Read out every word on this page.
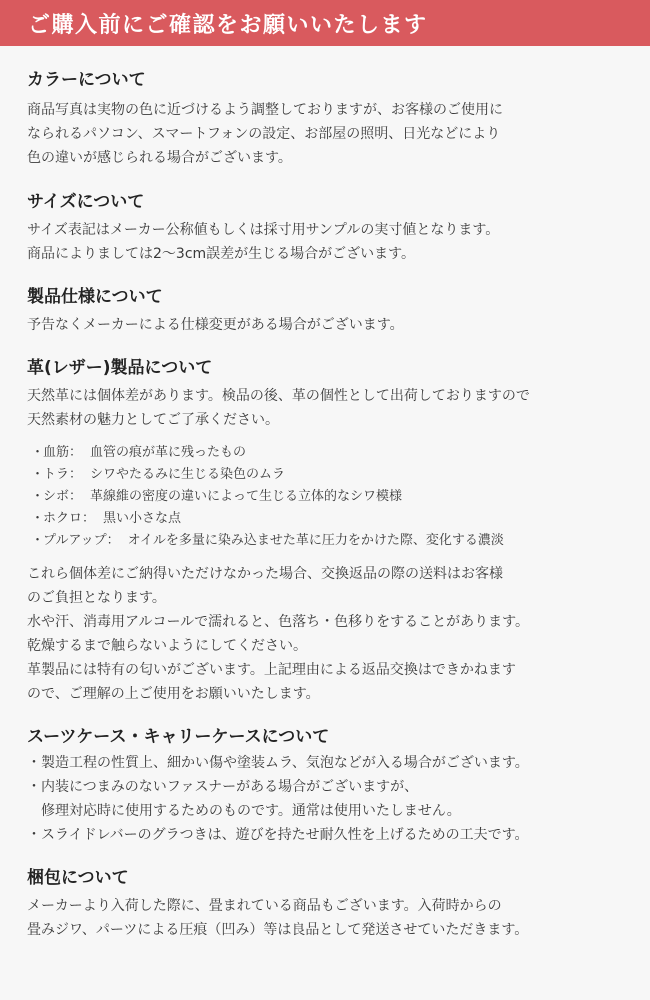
ご購入前にご確認をお願いいたします
カラーについて

商品写真は実物の色に近づけるよう調整しておりますが、お客様のご使用に
なられるパソコン、スマートフォンの設定、お部屋の照明、日光などにより
色の違いが感じられる場合がございます。

サイズについて

サイズ表記はメーカー公称値もしくは採寸用サンプルの実寸値となります。
商品によりましては2〜3cm誤差が生じる場合がございます。

製品仕様について

予告なくメーカーによる仕様変更がある場合がございます。

革(レザー)製品について

天然革には個体差があります。検品の後、革の個性として出荷しておりますので
天然素材の魅力としてご了承ください。

・
血筋： 血管の痕が革に残ったもの
・
トラ： シワやたるみに生じる染色のムラ
・
シボ： 革線維の密度の違いによって生じる立体的なシワ模様
・
ホクロ： 黒い小さな点
・
プルアップ： オイルを多量に染み込ませた革に圧力をかけた際、変化する濃淡

これら個体差にご納得いただけなかった場合、交換返品の際の送料はお客様
のご負担となります。
水や汗、消毒用アルコールで濡れると、色落ち・色移りをすることがあります。
乾燥するまで触らないようにしてください。
革製品には特有の匂いがございます。上記理由による返品交換はできかねます
ので、ご理解の上ご使用をお願いいたします。

スーツケース・キャリーケースについて
・製造工程の性質上、細かい傷や塗装ムラ、気泡などが入る場合がございます。
・内装につまみのないファスナーがある場合がございますが、
修理対応時に使用するためのものです。通常は使用いたしません。
・スライドレバーのグラつきは、遊びを持たせ耐久性を上げるための工夫です。
梱包について

メーカーより入荷した際に、畳まれている商品もございます。入荷時からの
畳みジワ、パーツによる圧痕（凹み）等は良品として発送させていただきます。
